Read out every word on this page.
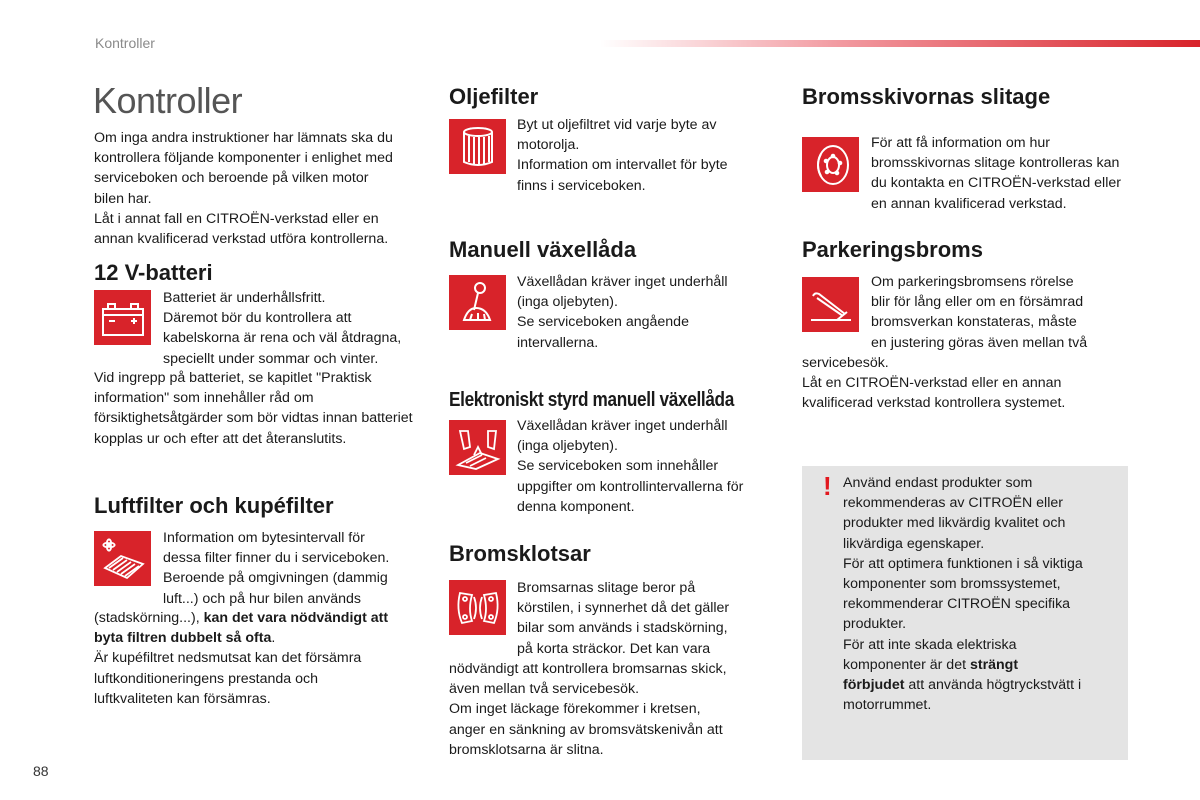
Kontroller
Kontroller
Om inga andra instruktioner har lämnats ska du
kontrollera följande komponenter i enlighet med
serviceboken och beroende på vilken motor
bilen har.
Låt i annat fall en CITROËN-verkstad eller en
annan kvalificerad verkstad utföra kontrollerna.
12 V-batteri
Batteriet är underhållsfritt.
Däremot bör du kontrollera att
kabelskorna är rena och väl åtdragna,
speciellt under sommar och vinter.
Vid ingrepp på batteriet, se kapitlet "Praktisk
information" som innehåller råd om
försiktighetsåtgärder som bör vidtas innan batteriet
kopplas ur och efter att det återanslutits.
Luftfilter och kupéfilter
Information om bytesintervall för
dessa filter finner du i serviceboken.
Beroende på omgivningen (dammig
luft...) och på hur bilen används
(stadskörning...), kan det vara nödvändigt att
byta filtren dubbelt så ofta.
Är kupéfiltret nedsmutsat kan det försämra
luftkonditioneringens prestanda och
luftkvaliteten kan försämras.
Oljefilter
Byt ut oljefiltret vid varje byte av
motorolja.
Information om intervallet för byte
finns i serviceboken.
Manuell växellåda
Växellådan kräver inget underhåll
(inga oljebyten).
Se serviceboken angående
intervallerna.
Elektroniskt styrd manuell växellåda
Växellådan kräver inget underhåll
(inga oljebyten).
Se serviceboken som innehåller
uppgifter om kontrollintervallerna för
denna komponent.
Bromsklotsar
Bromsarnas slitage beror på
körstilen, i synnerhet då det gäller
bilar som används i stadskörning,
på korta sträckor. Det kan vara
nödvändigt att kontrollera bromsarnas skick,
även mellan två servicebesök.
Om inget läckage förekommer i kretsen,
anger en sänkning av bromsvätskenivån att
bromsklotsarna är slitna.
Bromsskivornas slitage
För att få information om hur
bromsskivornas slitage kontrolleras kan
du kontakta en CITROËN-verkstad eller
en annan kvalificerad verkstad.
Parkeringsbroms
Om parkeringsbromsens rörelse
blir för lång eller om en försämrad
bromsverkan konstateras, måste
en justering göras även mellan två
servicebesök.
Låt en CITROËN-verkstad eller en annan
kvalificerad verkstad kontrollera systemet.
! Använd endast produkter som
rekommenderas av CITROËN eller
produkter med likvärdig kvalitet och
likvärdiga egenskaper.
För att optimera funktionen i så viktiga
komponenter som bromssystemet,
rekommenderar CITROËN specifika
produkter.
För att inte skada elektriska
komponenter är det strängt
förbjudet att använda högtryckstvätt i
motorrummet.
88
